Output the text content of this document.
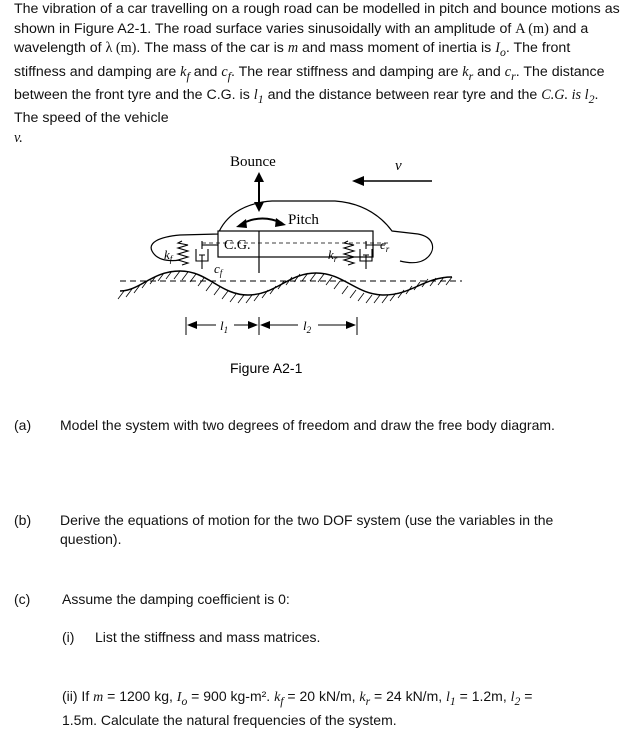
The vibration of a car travelling on a rough road can be modelled in pitch and bounce motions as shown in Figure A2-1. The road surface varies sinusoidally with an amplitude of A (m) and a wavelength of λ (m). The mass of the car is m and mass moment of inertia is $I_o$. The front stiffness and damping are $k_f$ and $c_f$. The rear stiffness and damping are $k_r$ and $c_r$. The distance between the front tyre and the C.G. is $l_1$ and the distance between rear tyre and the C.G. is $l_2$. The speed of the vehicle
v.

Bounce	v
Pitch
C.G.
$k_f$
$c_f$
$k_r$
$c_r$
$l_1$	$l_2$
Figure A2-1
(a) Model the system with two degrees of freedom and draw the free body diagram.
(b) Derive the equations of motion for the two DOF system (use the variables in the question).
(c) Assume the damping coefficient is 0:
(i) List the stiffness and mass matrices.
(ii) If m = 1200 kg, $I_o = 900$ kg-m². $k_f = 20$ kN/m, $k_r = 24$ kN/m, $l_1 = 1.2m$, $l_2$ =
1.5m. Calculate the natural frequencies of the system.
